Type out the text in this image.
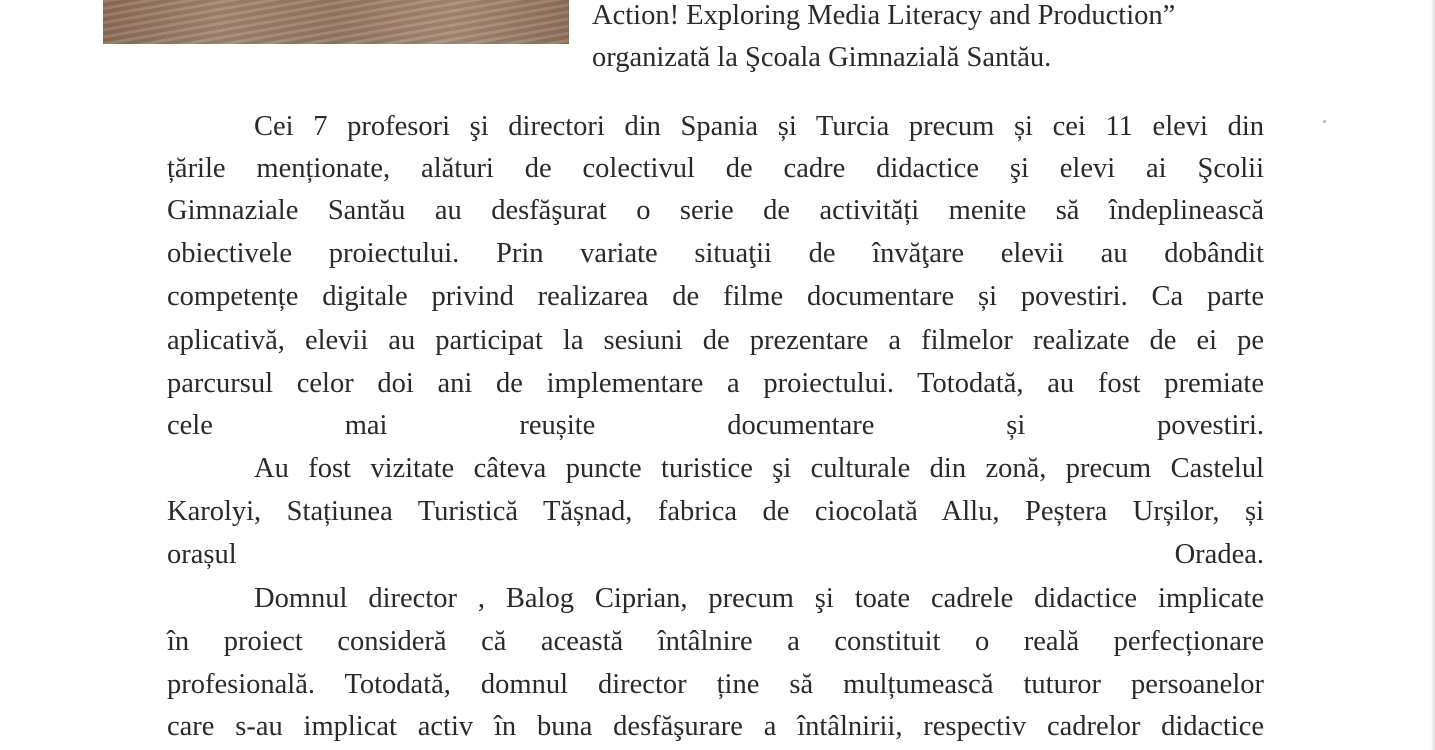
Action! Exploring Media Literacy and Production”

organizată la Şcoala Gimnazială Santău.

Cei 7 profesori şi directori din Spania și Turcia precum și cei 11 elevi din

țările menționate, alături de colectivul de cadre didactice şi elevi ai Şcolii

Gimnaziale Santău au desfăşurat o serie de activități menite să îndeplinească

obiectivele proiectului. Prin variate situaţii de învăţare elevii au dobândit

competențe digitale privind realizarea de filme documentare și povestiri. Ca parte

aplicativă, elevii au participat la sesiuni de prezentare a filmelor realizate de ei pe

parcursul celor doi ani de implementare a proiectului. Totodată, au fost premiate

cele mai reușite documentare și povestiri.

Au fost vizitate câteva puncte turistice şi culturale din zonă, precum Castelul

Karolyi, Stațiunea Turistică Tășnad, fabrica de ciocolată Allu, Peștera Urșilor, și

orașul Oradea.

Domnul director , Balog Ciprian, precum şi toate cadrele didactice implicate

în proiect consideră că această întâlnire a constituit o reală perfecționare

profesională. Totodată, domnul director ține să mulțumească tuturor persoanelor

care s-au implicat activ în buna desfăşurare a întâlnirii, respectiv cadrelor didactice
